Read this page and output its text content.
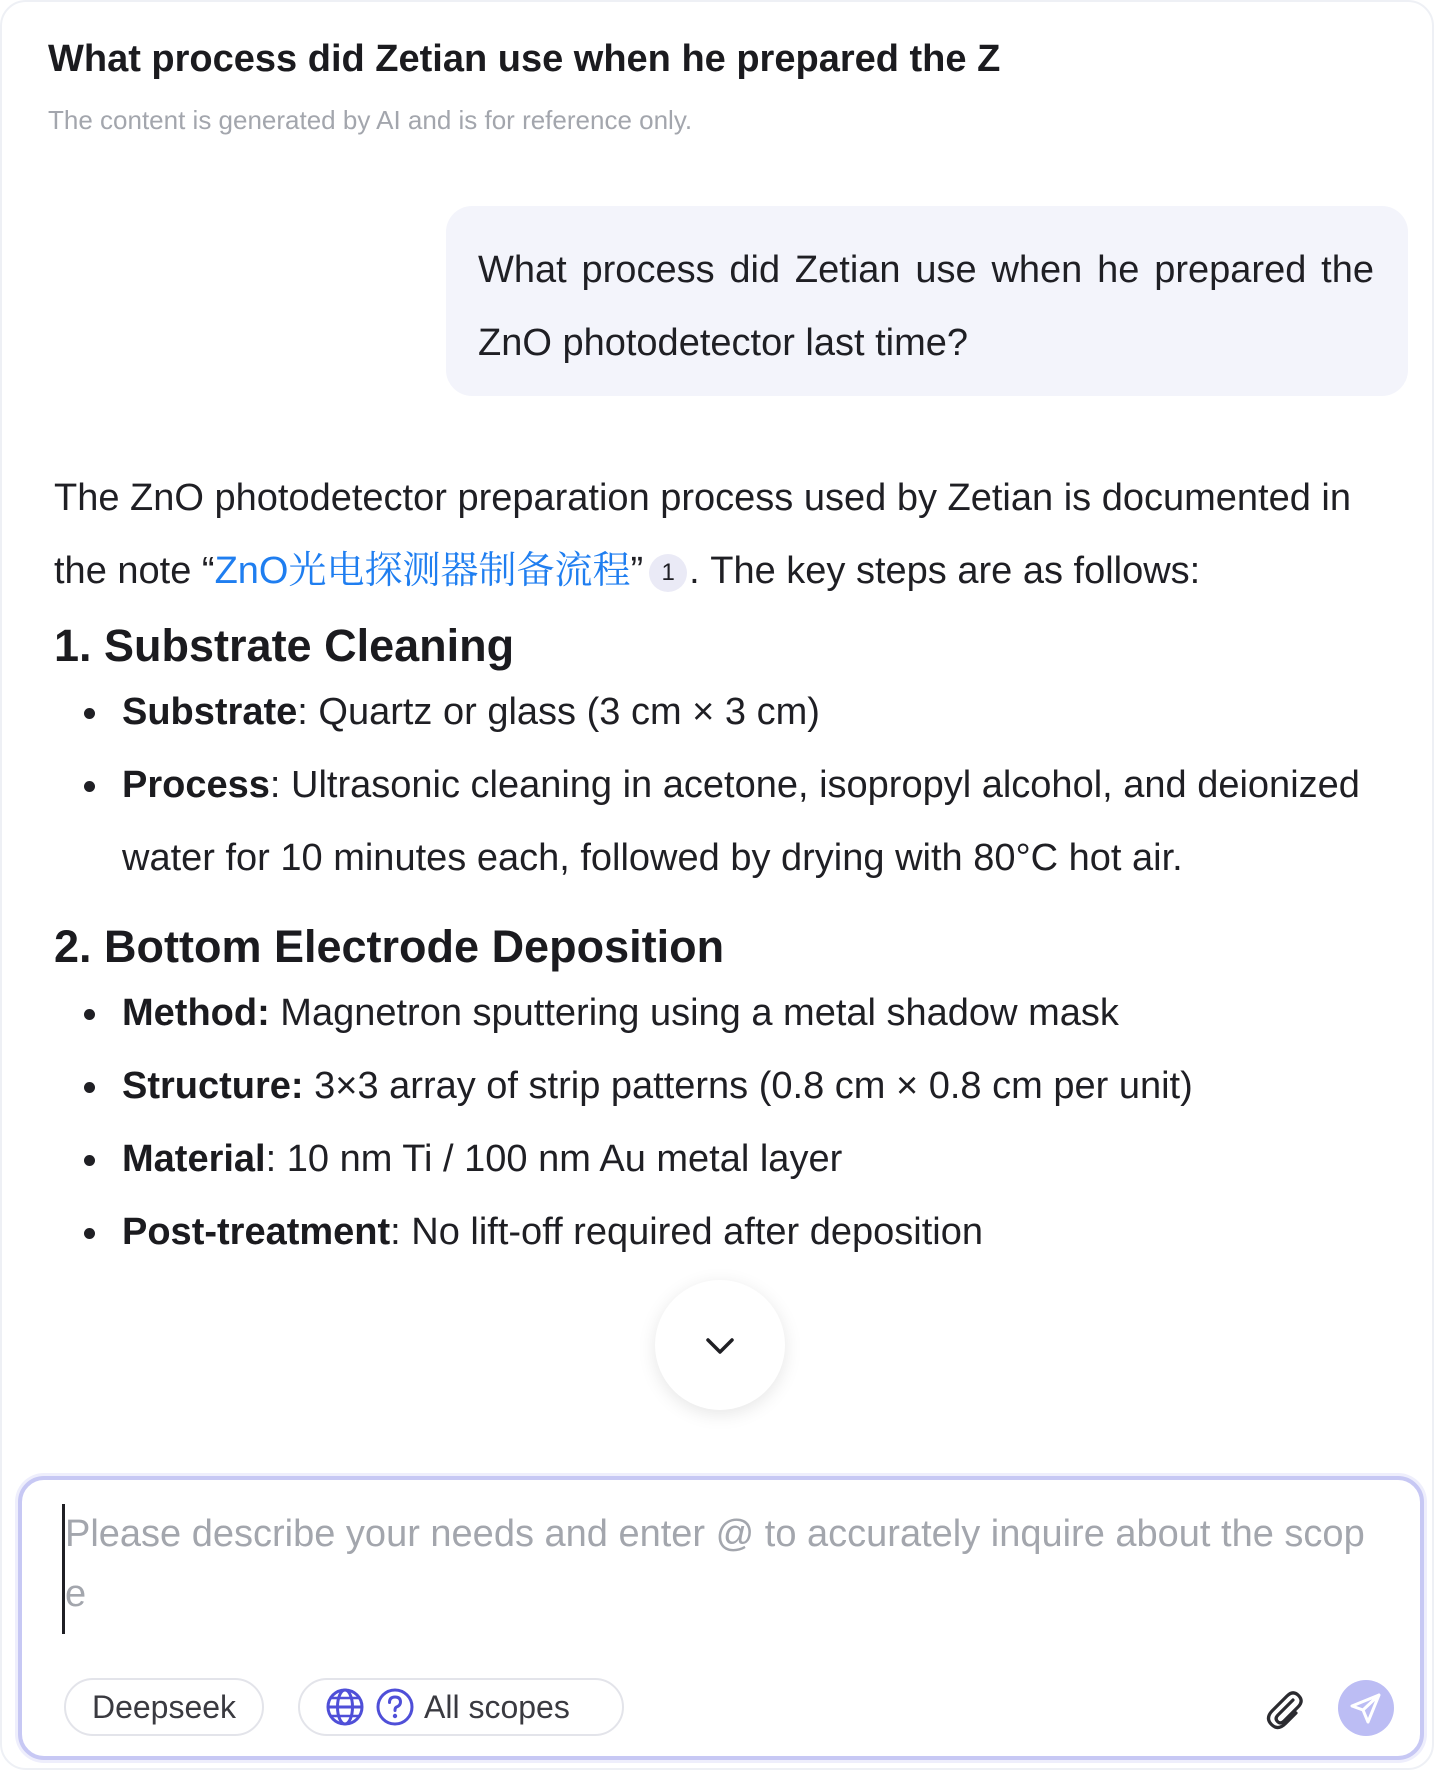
What process did Zetian use when he prepared the Z
The content is generated by AI and is for reference only.
What process did Zetian use when he prepared the ZnO photodetector last time?

The ZnO photodetector preparation process used by Zetian is documented in the note “ZnO光电探测器制备流程” 1 . The key steps are as follows:

1. Substrate Cleaning
Substrate: Quartz or glass (3 cm × 3 cm)
Process: Ultrasonic cleaning in acetone, isopropyl alcohol, and deionized water for 10 minutes each, followed by drying with 80°C hot air.
2. Bottom Electrode Deposition
Method: Magnetron sputtering using a metal shadow mask
Structure: 3×3 array of strip patterns (0.8 cm × 0.8 cm per unit)
Material: 10 nm Ti / 100 nm Au metal layer
Post-treatment: No lift-off required after deposition
Please describe your needs and enter @ to accurately inquire about the scope
Deepseek	All scopes
